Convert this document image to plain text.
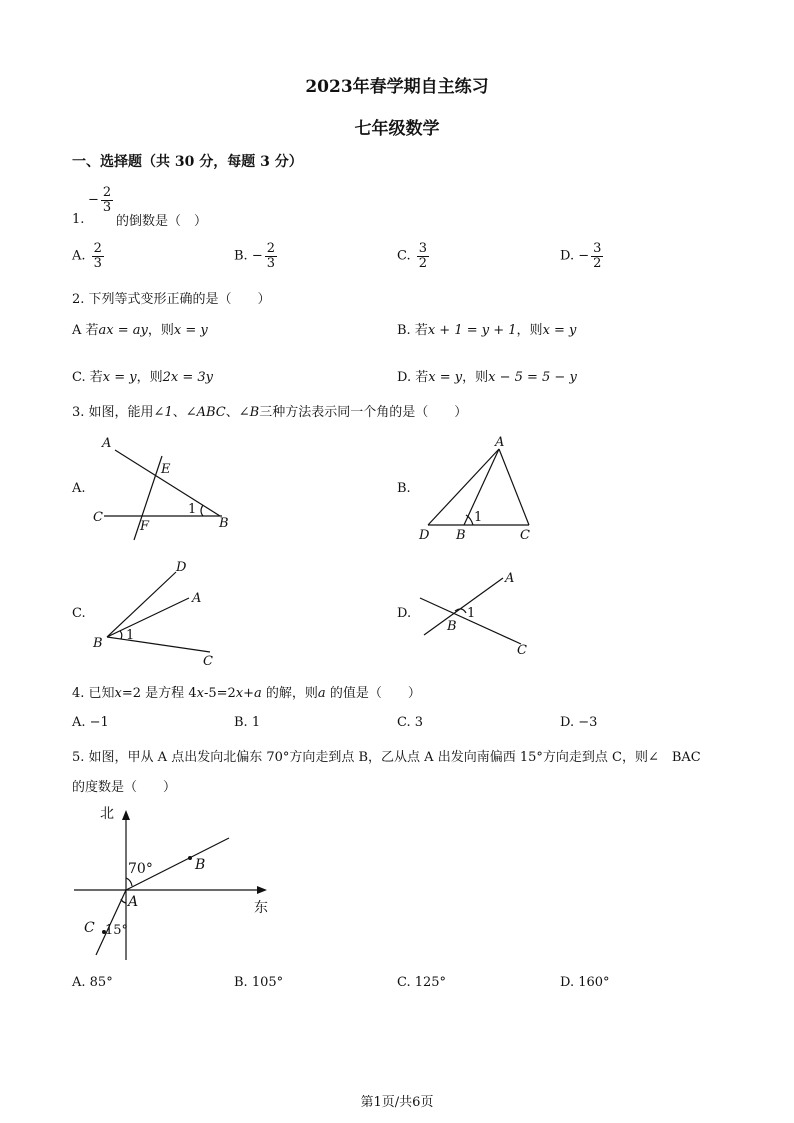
2023年春学期自主练习
七年级数学
一、选择题（共 30 分，每题 3 分）
− $\frac{2}{3}$
1. 的倒数是（　）
A. $\frac{2}{3}$	B. − $\frac{2}{3}$	C. $\frac{3}{2}$	D. − $\frac{3}{2}$
2. 下列等式变形正确的是（　　）
A 若ax = ay，则x = y	B. 若x + 1 = y + 1，则x = y
C. 若x = y，则2x = 3y	D. 若x = y，则x − 5 = 5 − y
3. 如图，能用∠1、∠ABC、∠B三种方法表示同一个角的是（　　）
A.	B.
C.	D.
A
E
C
F	B
1
A
D B	C
1
D
A
B
C
1
A
B
C
1
北
东
B
A
C
70°
15°
4. 已知x=2 是方程 4x-5=2x+a 的解，则a 的值是（　　）
A. −1	B. 1	C. 3	D. −3
5. 如图，甲从 A 点出发向北偏东 70°方向走到点 B，乙从点 A 出发向南偏西 15°方向走到点 C，则∠　BAC
的度数是（　　）
A. 85°	B. 105°	C. 125°	D. 160°
第1页/共6页
